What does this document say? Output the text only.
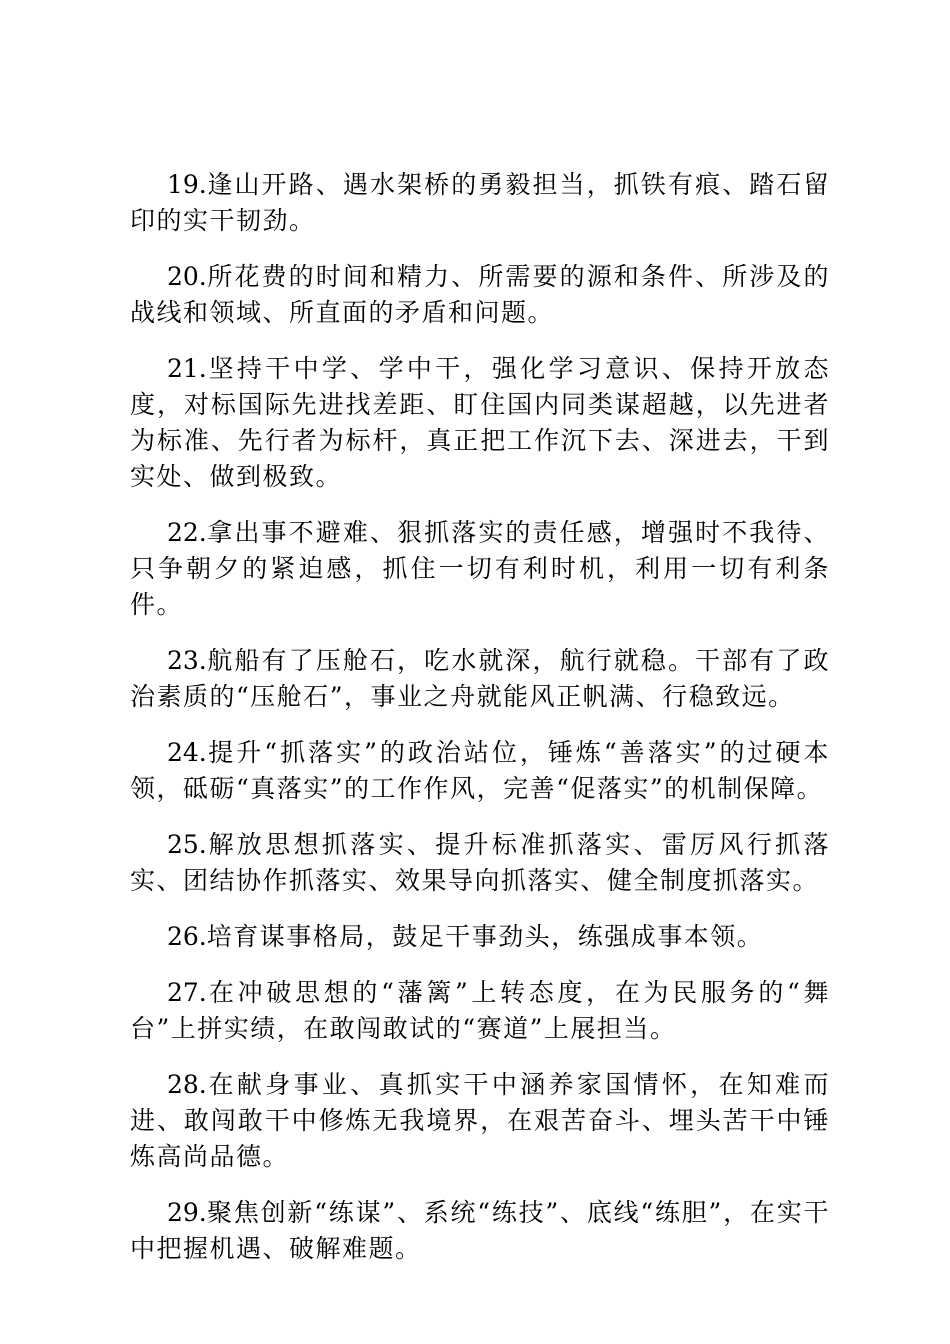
19.逢山开路、遇水架桥的勇毅担当，抓铁有痕、踏石留印的实干韧劲。

20.所花费的时间和精力、所需要的源和条件、所涉及的战线和领域、所直面的矛盾和问题。

21.坚持干中学、学中干，强化学习意识、保持开放态度，对标国际先进找差距、盯住国内同类谋超越，以先进者为标准、先行者为标杆，真正把工作沉下去、深进去，干到实处、做到极致。

22.拿出事不避难、狠抓落实的责任感，增强时不我待、只争朝夕的紧迫感，抓住一切有利时机，利用一切有利条件。

23.航船有了压舱石，吃水就深，航行就稳。干部有了政治素质的“压舱石”，事业之舟就能风正帆满、行稳致远。

24.提升“抓落实”的政治站位，锤炼“善落实”的过硬本领，砥砺“真落实”的工作作风，完善“促落实”的机制保障。

25.解放思想抓落实、提升标准抓落实、雷厉风行抓落实、团结协作抓落实、效果导向抓落实、健全制度抓落实。

26.培育谋事格局，鼓足干事劲头，练强成事本领。

27.在冲破思想的“藩篱”上转态度，在为民服务的“舞台”上拼实绩，在敢闯敢试的“赛道”上展担当。

28.在献身事业、真抓实干中涵养家国情怀，在知难而进、敢闯敢干中修炼无我境界，在艰苦奋斗、埋头苦干中锤炼高尚品德。

29.聚焦创新“练谋”、系统“练技”、底线“练胆”，在实干中把握机遇、破解难题。
